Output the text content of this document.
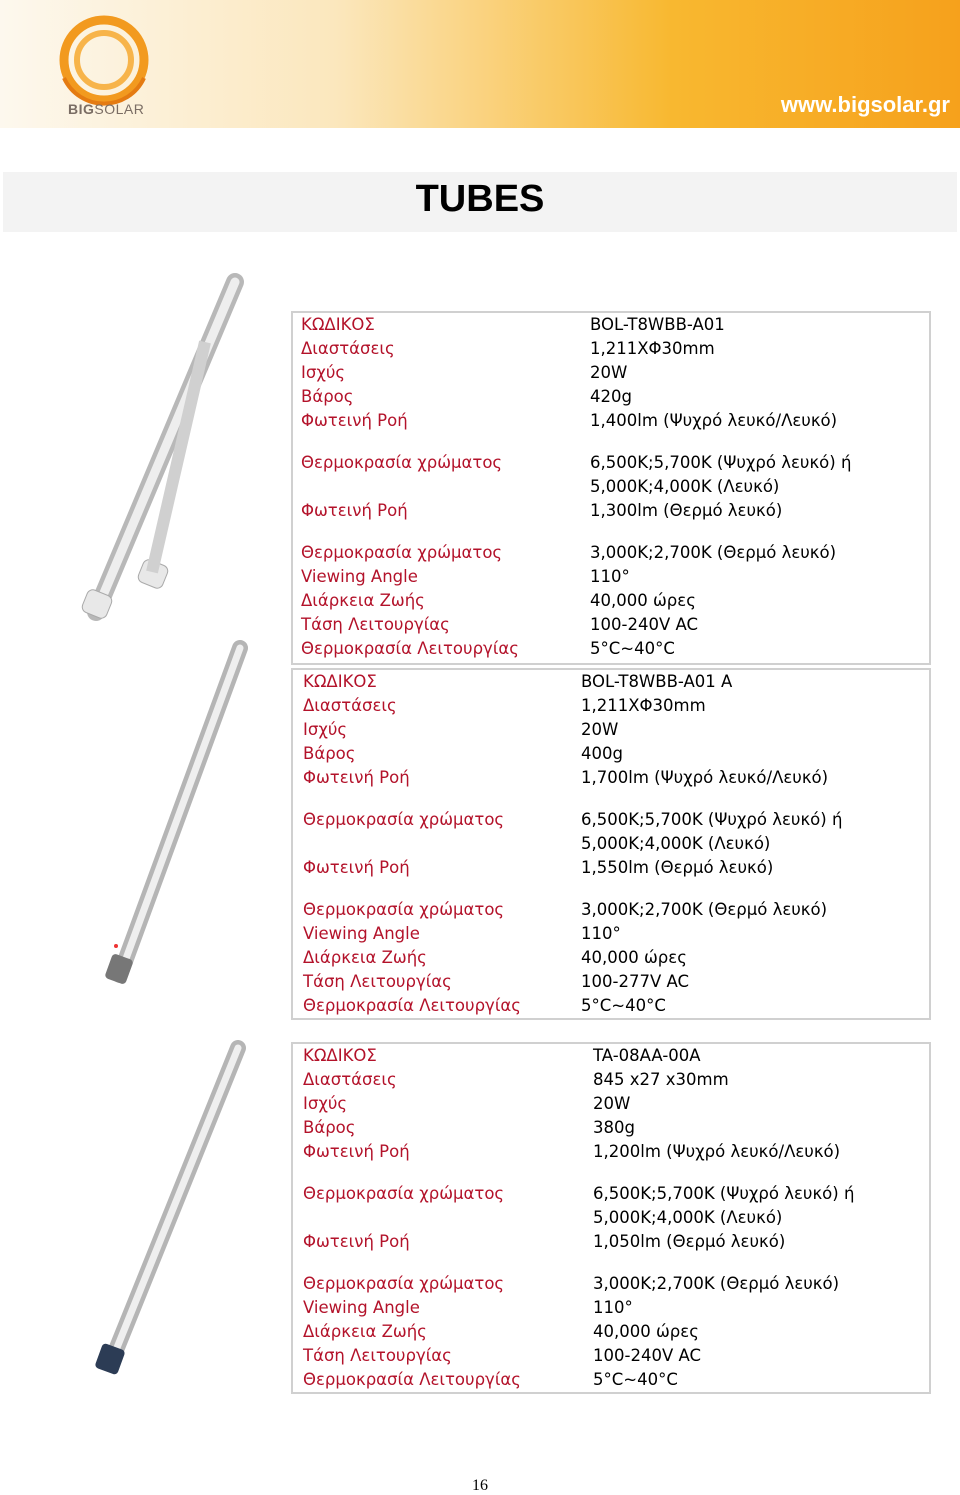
BIGSOLAR	www.bigsolar.gr
TUBES
ΚΩΔΙΚΟΣ	BOL-T8WBB-A01
Διαστάσεις	1,211XΦ30mm
Ισχύς	20W
Βάρος	420g
Φωτεινή Ροή	1,400lm (Ψυχρό λευκό/Λευκό)
Θερμοκρασία χρώματος	6,500K;5,700K (Ψυχρό λευκό) ή
5,000K;4,000K (Λευκό)
Φωτεινή Ροή	1,300lm (Θερμό λευκό)
Θερμοκρασία χρώματος	3,000K;2,700K (Θερμό λευκό)
Viewing Angle	110°
Διάρκεια Ζωής	40,000 ώρες
Τάση Λειτουργίας	100-240V AC
Θερμοκρασία Λειτουργίας	5°C~40°C
ΚΩΔΙΚΟΣ	BOL-T8WBB-A01 A
Διαστάσεις	1,211XΦ30mm
Ισχύς	20W
Βάρος	400g
Φωτεινή Ροή	1,700lm (Ψυχρό λευκό/Λευκό)
Θερμοκρασία χρώματος	6,500K;5,700K (Ψυχρό λευκό) ή
5,000K;4,000K (Λευκό)
Φωτεινή Ροή	1,550lm (Θερμό λευκό)
Θερμοκρασία χρώματος	3,000K;2,700K (Θερμό λευκό)
Viewing Angle	110°
Διάρκεια Ζωής	40,000 ώρες
Τάση Λειτουργίας	100-277V AC
Θερμοκρασία Λειτουργίας	5°C~40°C
ΚΩΔΙΚΟΣ	TA-08AA-00A
Διαστάσεις	845 x27 x30mm
Ισχύς	20W
Βάρος	380g
Φωτεινή Ροή	1,200lm (Ψυχρό λευκό/Λευκό)
Θερμοκρασία χρώματος	6,500K;5,700K (Ψυχρό λευκό) ή
5,000K;4,000K (Λευκό)
Φωτεινή Ροή	1,050lm (Θερμό λευκό)
Θερμοκρασία χρώματος	3,000K;2,700K (Θερμό λευκό)
Viewing Angle	110°
Διάρκεια Ζωής	40,000 ώρες
Τάση Λειτουργίας	100-240V AC
Θερμοκρασία Λειτουργίας	5°C~40°C
16
